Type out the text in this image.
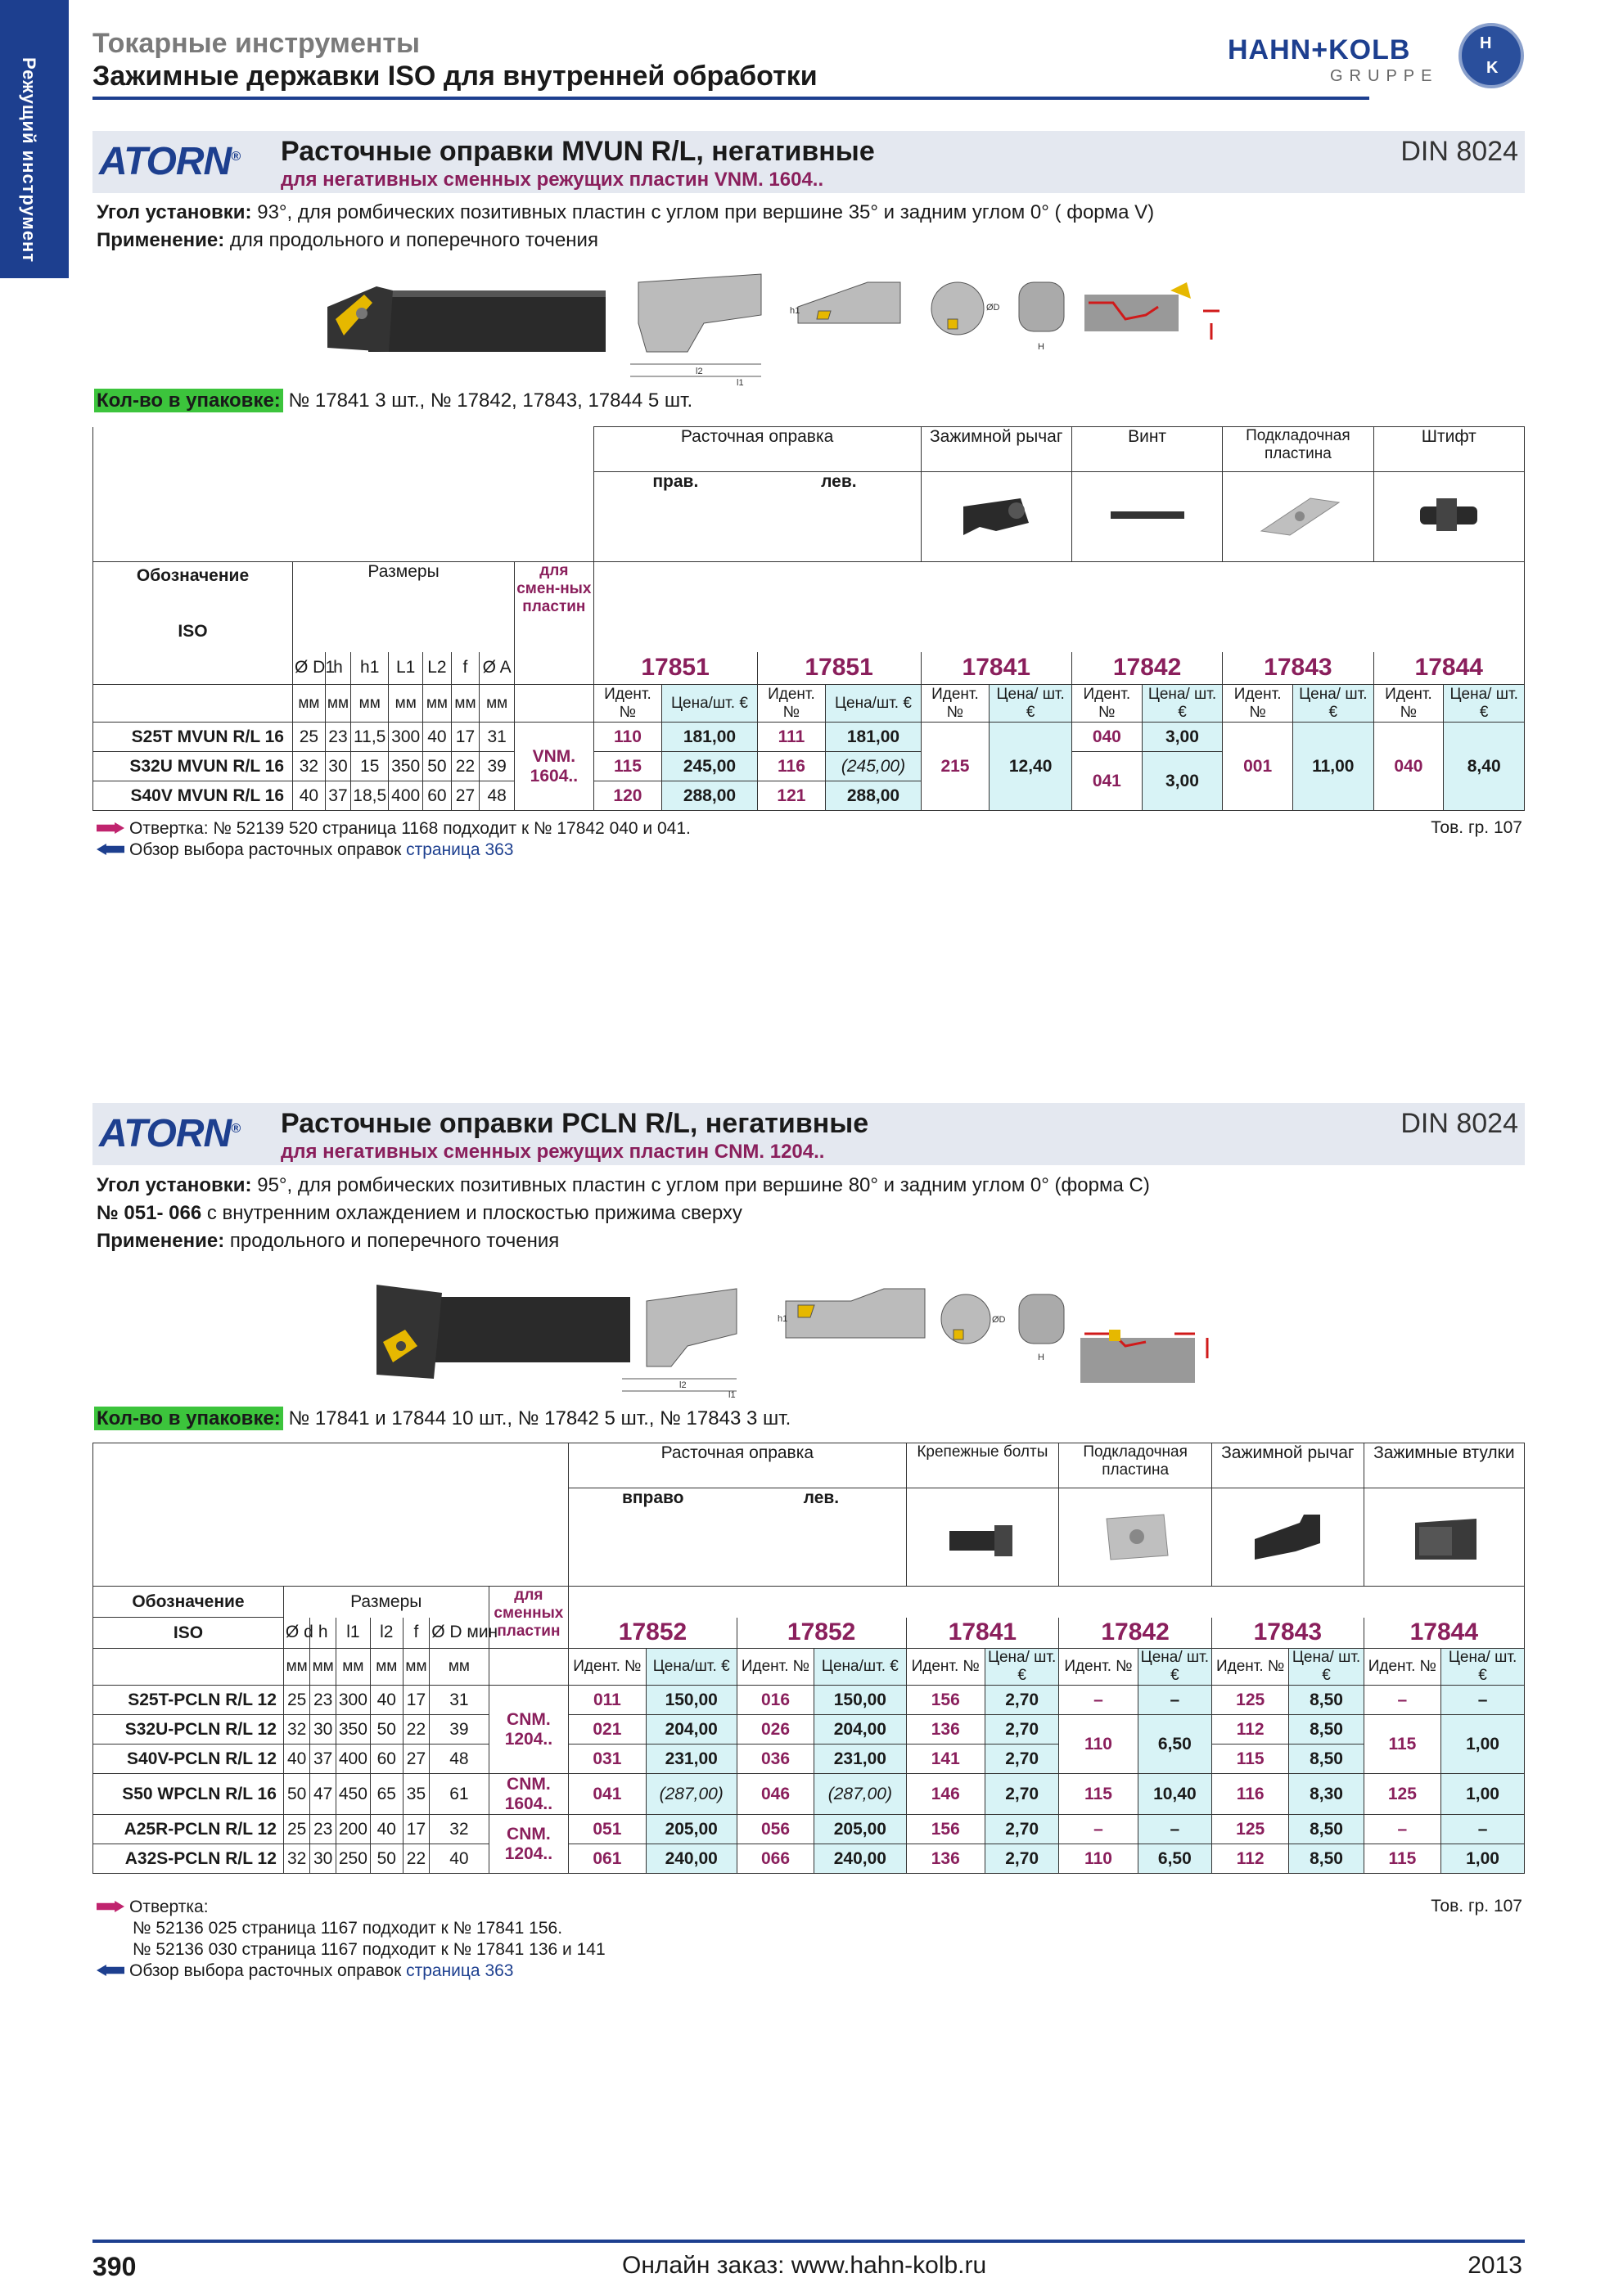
Режущий инструмент
Токарные инструменты
Зажимные державки ISO для внутренней обработки
HAHN+KOLB
GRUPPE
H
K
ATORN® Расточные оправки MVUN R/L, негативные
для негативных сменных режущих пластин VNM. 1604..
DIN 8024
Угол установки: 93°, для ромбических позитивных пластин с углом при вершине 35° и задним углом 0° ( форма V)
Применение: для продольного и поперечного точения
l2
l1
h1	ØD
H
Кол-во в упаковке: № 17841 3 шт., № 17842, 17843, 17844 5 шт.
									Расточная оправка				Зажимной рычаг		Винт		Подкладочная пластина		Штифт	
									прав.		лев.				

Обозначение
ISO	Размеры							для смен-ных пластин												
	Ø D1	h	h1	L1	L2	f	Ø A		17851		17851		17841		17842		17843		17844	
	мм	мм	мм	мм	мм	мм	мм		Идент. №	Цена/шт. €	Идент. №	Цена/шт. €	Идент. №	Цена/ шт. €	Идент. №	Цена/ шт. €	Идент. №	Цена/ шт. €	Идент. №	Цена/ шт. €
S25T MVUN R/L 16	25	23	11,5	300	40	17	31	VNM. 1604..	110	181,00	111	181,00	215	12,40	040	3,00	001	11,00	040	8,40
S32U MVUN R/L 16	32	30	15	350	50	22	39		115	245,00	116	(245,00)			041	3,00				
S40V MVUN R/L 16	40	37	18,5	400	60	27	48		120	288,00	121	288,00								
Отвертка: № 52139 520 страница 1168 подходит к № 17842 040 и 041.
Обзор выбора расточных оправок страница 363
Тов. гр. 107
ATORN® Расточные оправки PCLN R/L, негативные
для негативных сменных режущих пластин CNM. 1204..
DIN 8024
Угол установки: 95°, для ромбических позитивных пластин с углом при вершине 80° и задним углом 0° (форма C)
№ 051- 066 с внутренним охлаждением и плоскостью прижима сверху
Применение: продольного и поперечного точения
l2
l1
h1	ØD
H
Кол-во в упаковке: № 17841 и 17844 10 шт., № 17842 5 шт., № 17843 3 шт.
								Расточная оправка				Крепежные болты		Подкладочная пластина		Зажимной рычаг		Зажимные втулки	
								вправо		лев.				
Обозначение	Размеры						для сменных пластин												
ISO	Ø d	h	l1	l2	f	Ø D мин		17852		17852		17841		17842		17843		17844	
	мм	мм	мм	мм	мм	мм		Идент. №	Цена/шт. €	Идент. №	Цена/шт. €	Идент. №	Цена/ шт. €	Идент. №	Цена/ шт. €	Идент. №	Цена/ шт. €	Идент. №	Цена/ шт. €
S25T-PCLN R/L 12	25	23	300	40	17	31	CNM. 1204..	011	150,00	016	150,00	156	2,70	–	–	125	8,50	–	–
S32U-PCLN R/L 12	32	30	350	50	22	39		021	204,00	026	204,00	136	2,70	110	6,50	112	8,50	115	1,00
S40V-PCLN R/L 12	40	37	400	60	27	48		031	231,00	036	231,00	141	2,70			115	8,50		
S50 WPCLN R/L 16	50	47	450	65	35	61	CNM. 1604..	041	(287,00)	046	(287,00)	146	2,70	115	10,40	116	8,30	125	1,00
A25R-PCLN R/L 12	25	23	200	40	17	32	CNM. 1204..	051	205,00	056	205,00	156	2,70	–	–	125	8,50	–	–
A32S-PCLN R/L 12	32	30	250	50	22	40		061	240,00	066	240,00	136	2,70	110	6,50	112	8,50	115	1,00
Отвертка:
№ 52136 025 страница 1167 подходит к № 17841 156.
№ 52136 030 страница 1167 подходит к № 17841 136 и 141
Обзор выбора расточных оправок страница 363
Тов. гр. 107
390	Онлайн заказ: www.hahn-kolb.ru	2013
